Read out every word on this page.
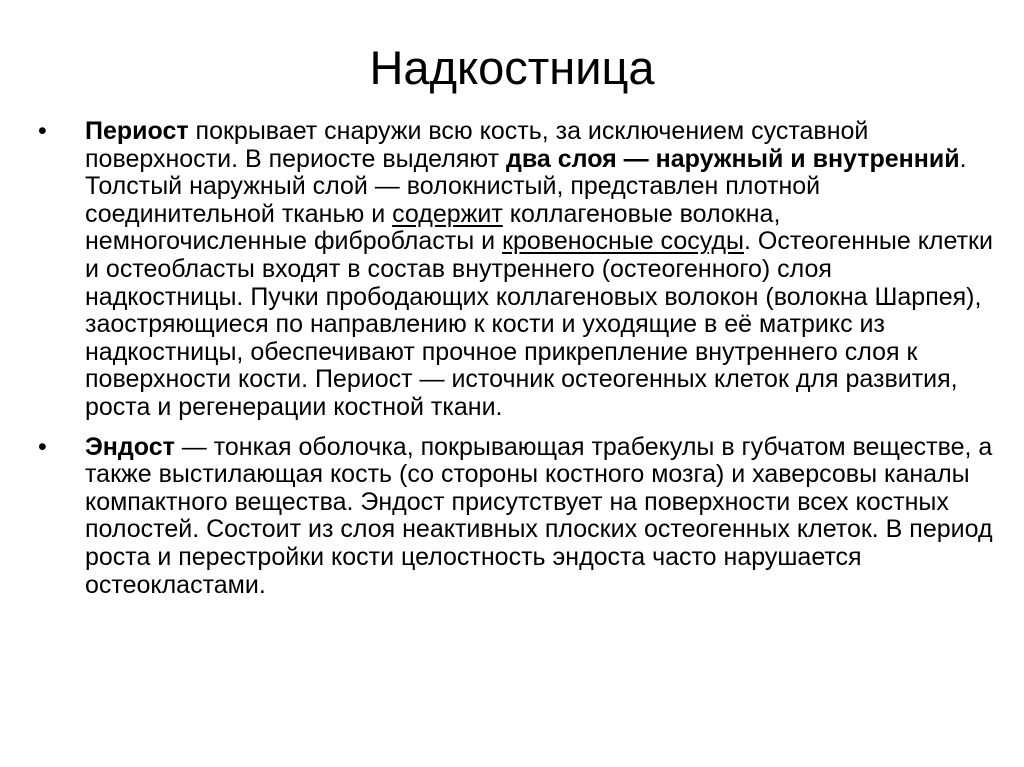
Надкостница
•	Периост покрывает снаружи всю кость, за исключением суставной поверхности. В периосте выделяют два слоя — наружный и внутренний. Толстый наружный слой — волокнистый, представлен плотной соединительной тканью и содержит коллагеновые волокна, немногочисленные фибробласты и кровеносные сосуды. Остеогенные клетки и остеобласты входят в состав внутреннего (остеогенного) слоя надкостницы. Пучки прободающих коллагеновых волокон (волокна Шарпея), заостряющиеся по направлению к кости и уходящие в её матрикс из надкостницы, обеспечивают прочное прикрепление внутреннего слоя к поверхности кости. Периост — источник остеогенных клеток для развития, роста и регенерации костной ткани.
•	Эндост — тонкая оболочка, покрывающая трабекулы в губчатом веществе, а также выстилающая кость (со стороны костного мозга) и хаверсовы каналы компактного вещества. Эндост присутствует на поверхности всех костных полостей. Состоит из слоя неактивных плоских остеогенных клеток. В период роста и перестройки кости целостность эндоста часто нарушается остеокластами.
